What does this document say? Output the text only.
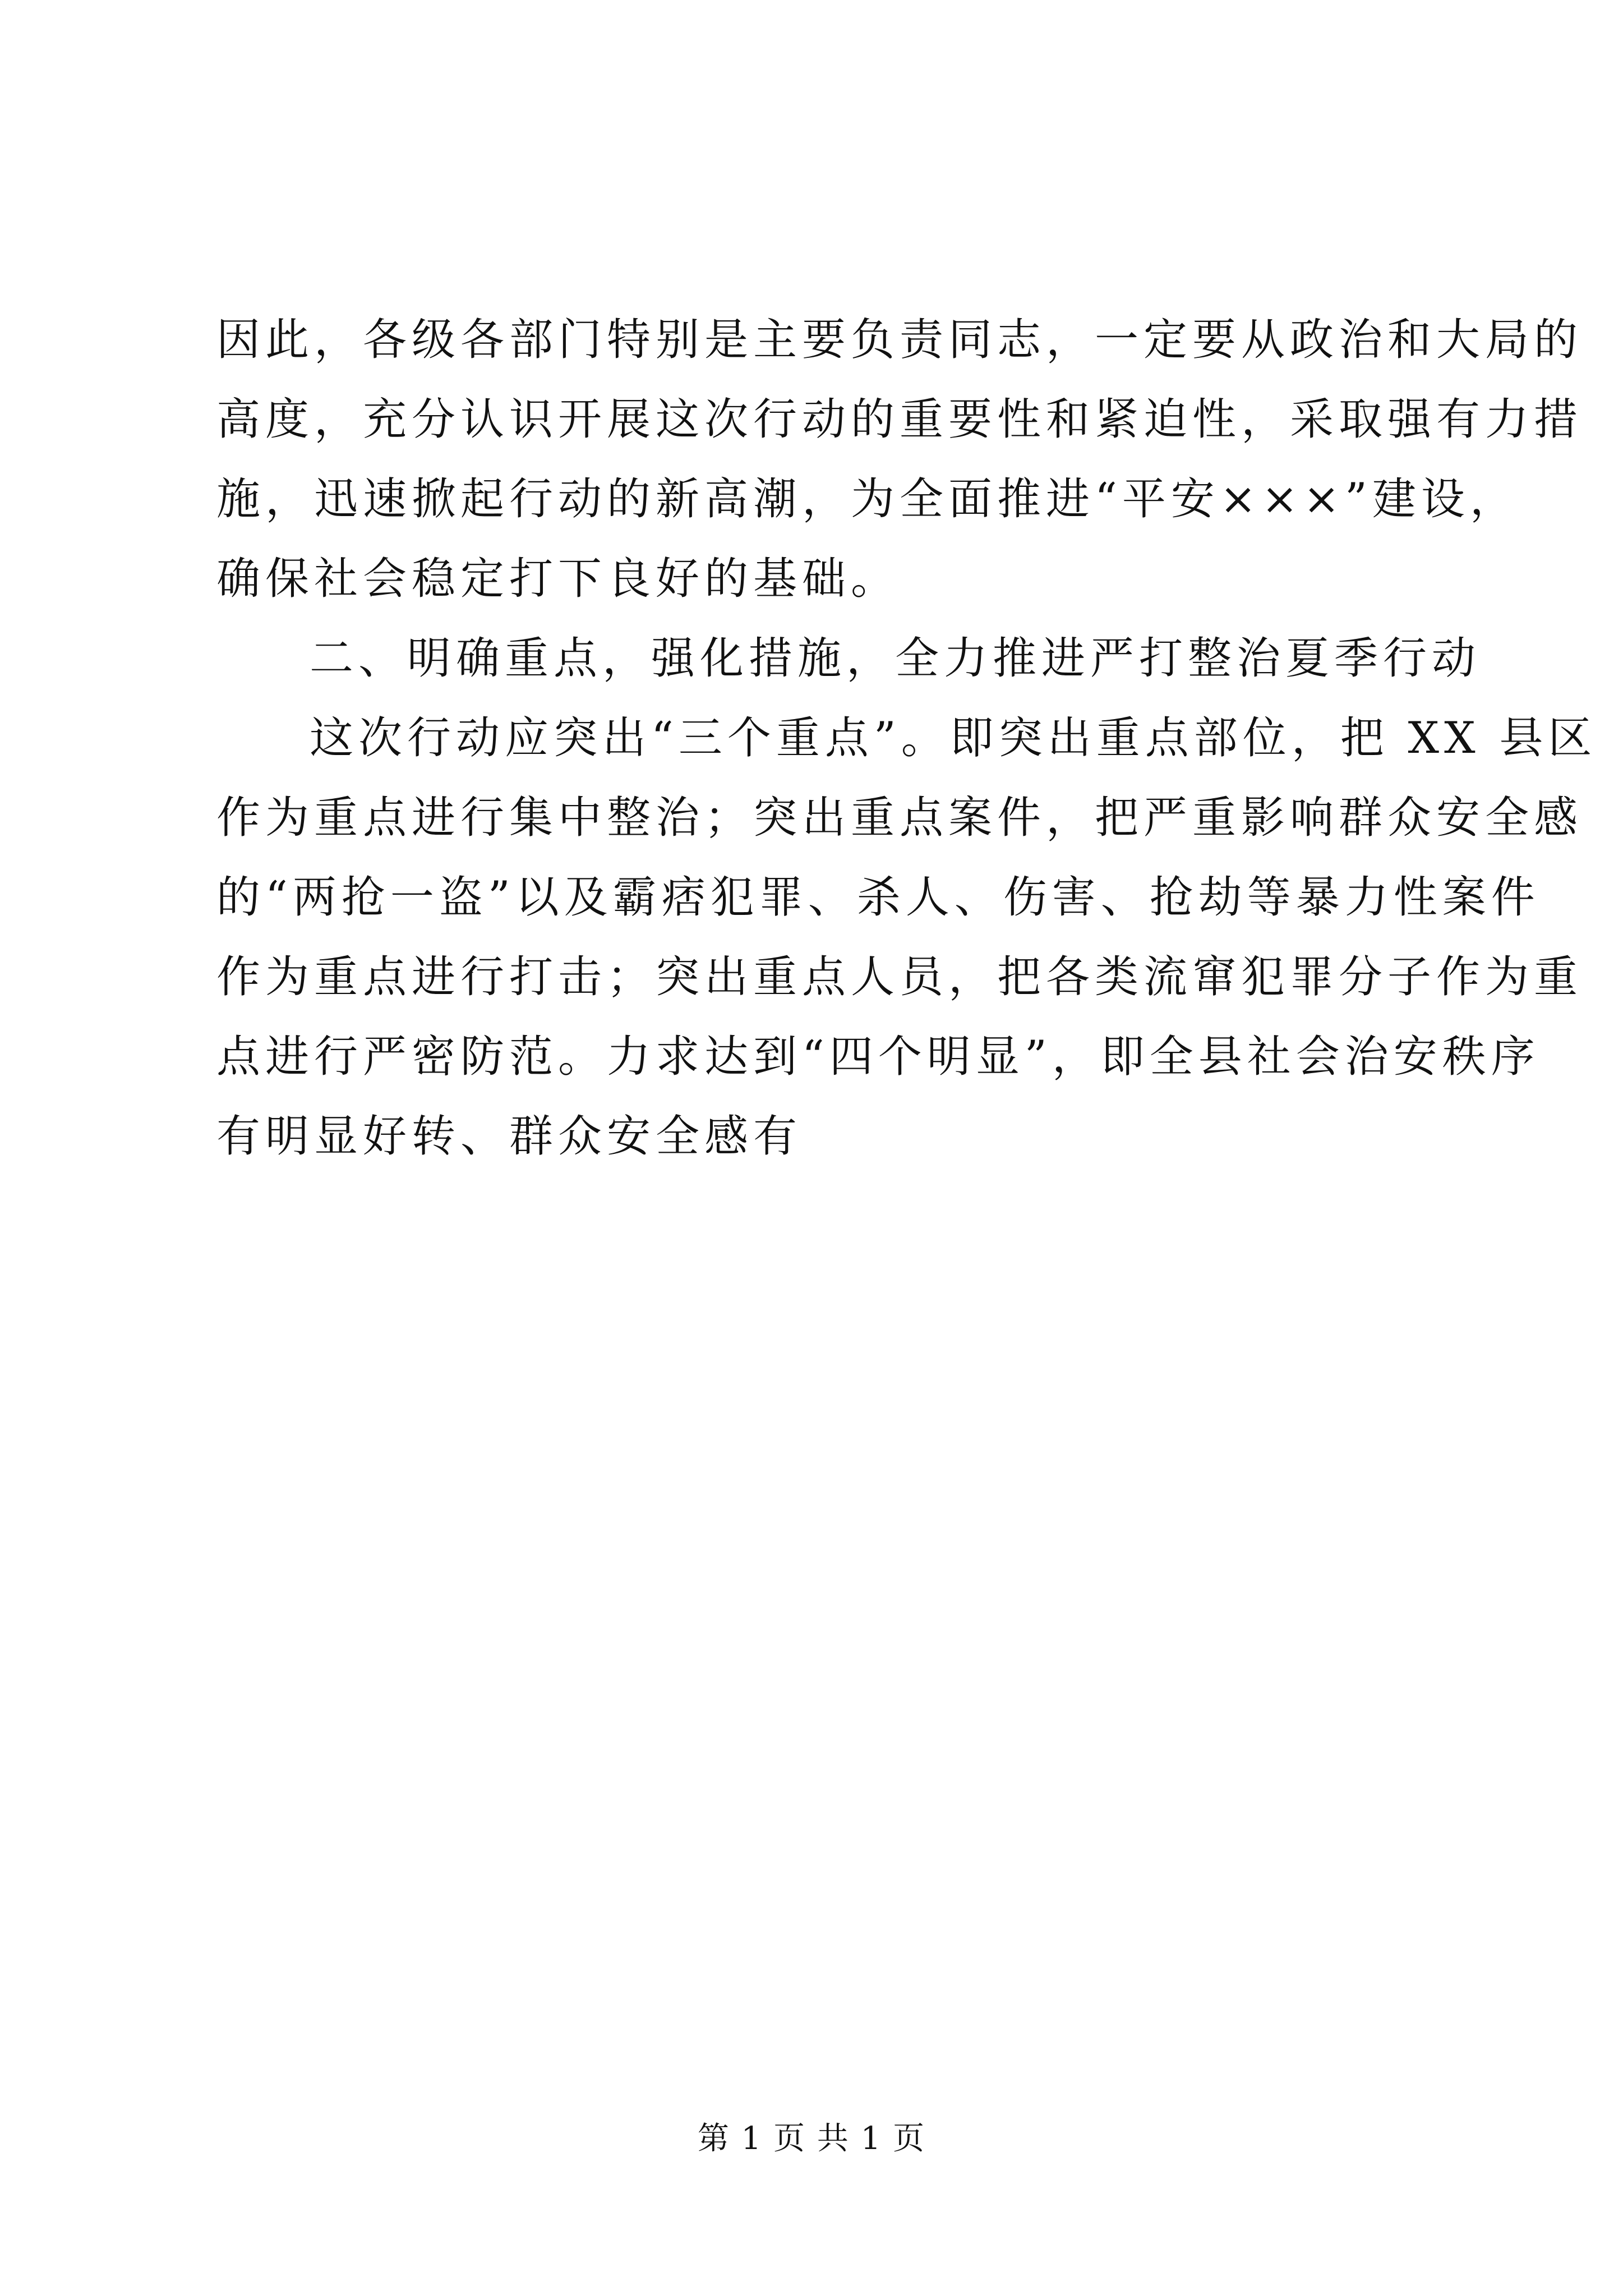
因此，各级各部门特别是主要负责同志，一定要从政治和大局的
高度，充分认识开展这次行动的重要性和紧迫性，采取强有力措
施，迅速掀起行动的新高潮，为全面推进“平安×××”建设，
确保社会稳定打下良好的基础。
二、明确重点，强化措施，全力推进严打整治夏季行动
这次行动应突出“三个重点”。即突出重点部位，把 XX 县区
作为重点进行集中整治；突出重点案件，把严重影响群众安全感
的“两抢一盗”以及霸痞犯罪、杀人、伤害、抢劫等暴力性案件
作为重点进行打击；突出重点人员，把各类流窜犯罪分子作为重
点进行严密防范。力求达到“四个明显”，即全县社会治安秩序
有明显好转、群众安全感有
第 1 页 共 1 页
